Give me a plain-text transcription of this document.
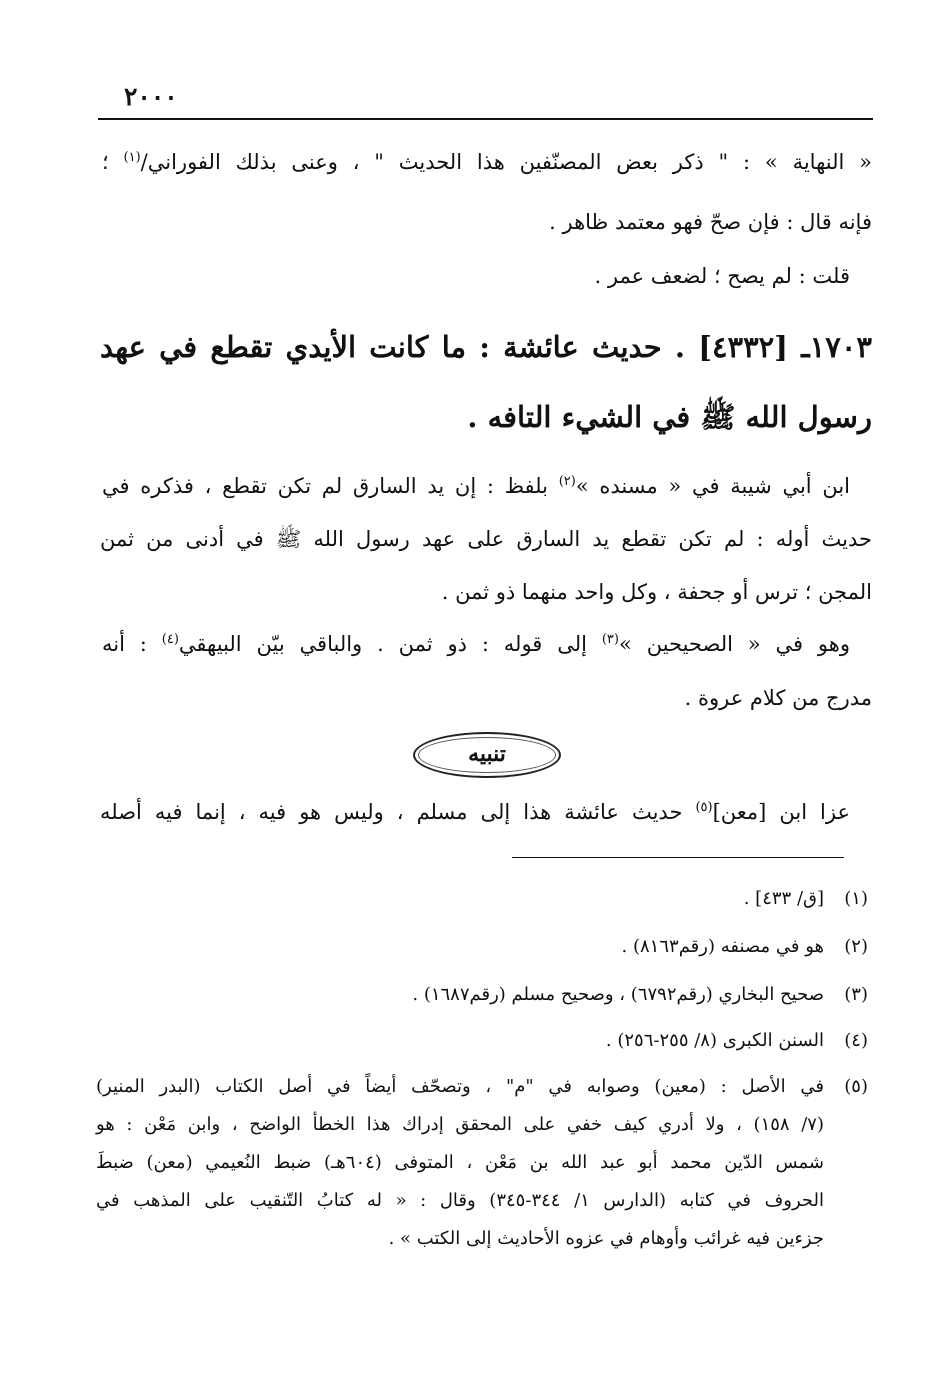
٢٠٠٠
« النهاية » : " ذكر بعض المصنّفين هذا الحديث " ، وعنى بذلك الفوراني/$^{(١)}$ ؛
فإنه قال : فإن صحّ فهو معتمد ظاهر .
قلت : لم يصح ؛ لضعف عمر .
١٧٠٣ـ [٤٣٣٢] . حديث عائشة : ما كانت الأيدي تقطع في عهد
رسول الله ﷺ في الشيء التافه .
ابن أبي شيبة في « مسنده »$^{(٢)}$ بلفظ : إن يد السارق لم تكن تقطع ، فذكره في
حديث أوله : لم تكن تقطع يد السارق على عهد رسول الله ﷺ في أدنى من ثمن
المجن ؛ ترس أو جحفة ، وكل واحد منهما ذو ثمن .
وهو في « الصحيحين »$^{(٣)}$ إلى قوله : ذو ثمن . والباقي بيّن البيهقي$^{(٤)}$ : أنه
مدرج من كلام عروة .
تنبيه
عزا ابن [معن]$^{(٥)}$ حديث عائشة هذا إلى مسلم ، وليس هو فيه ، إنما فيه أصله
(١)
[ق/ ٤٣٣] .
(٢)
هو في مصنفه (رقم٨١٦٣) .
(٣)
صحيح البخاري (رقم٦٧٩٢) ، وصحيح مسلم (رقم١٦٨٧) .
(٤)
السنن الكبرى (٨/ ٢٥٥-٢٥٦) .
(٥)
في الأصل : (معين) وصوابه في "م" ، وتصحّف أيضاً في أصل الكتاب (البدر المنير)
(٧/ ١٥٨) ، ولا أدري كيف خفي على المحقق إدراك هذا الخطأ الواضح ، وابن مَعْن : هو
شمس الدّين محمد أبو عبد الله بن مَعْن ، المتوفى (٦٠٤هـ) ضبط النُعيمي (معن) ضبطَ
الحروف في كتابه (الدارس ١/ ٣٤٤-٣٤٥) وقال : « له كتابُ التّنقيب على المذهب في
جزءين فيه غرائب وأوهام في عزوه الأحاديث إلى الكتب » .
